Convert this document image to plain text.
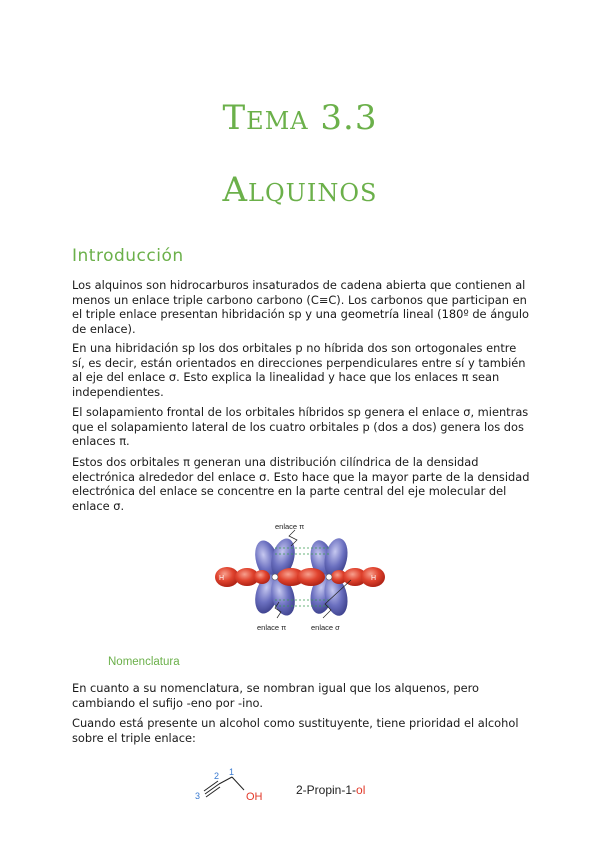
Tema 3.3
Alquinos
Introducción

Los alquinos son hidrocarburos insaturados de cadena abierta que contienen al menos un enlace triple carbono carbono (C≡C). Los carbonos que participan en el triple enlace presentan hibridación sp y una geometría lineal (180º de ángulo de enlace).

En una hibridación sp los dos orbitales p no híbrida dos son ortogonales entre sí, es decir, están orientados en direcciones perpendiculares entre sí y también al eje del enlace σ. Esto explica la linealidad y hace que los enlaces π sean independientes.

El solapamiento frontal de los orbitales híbridos sp genera el enlace σ, mientras que el solapamiento lateral de los cuatro orbitales p (dos a dos) genera los dos enlaces π.

Estos dos orbitales π generan una distribución cilíndrica de la densidad electrónica alrededor del enlace σ. Esto hace que la mayor parte de la densidad electrónica del enlace se concentre en la parte central del eje molecular del enlace σ.

H	H
enlace π
enlace π	enlace σ
Nomenclatura

En cuanto a su nomenclatura, se nombran igual que los alquenos, pero cambiando el sufijo -eno por -ino.

Cuando está presente un alcohol como sustituyente, tiene prioridad el alcohol sobre el triple enlace:

3
2 1
OH	2-Propin-1-ol
